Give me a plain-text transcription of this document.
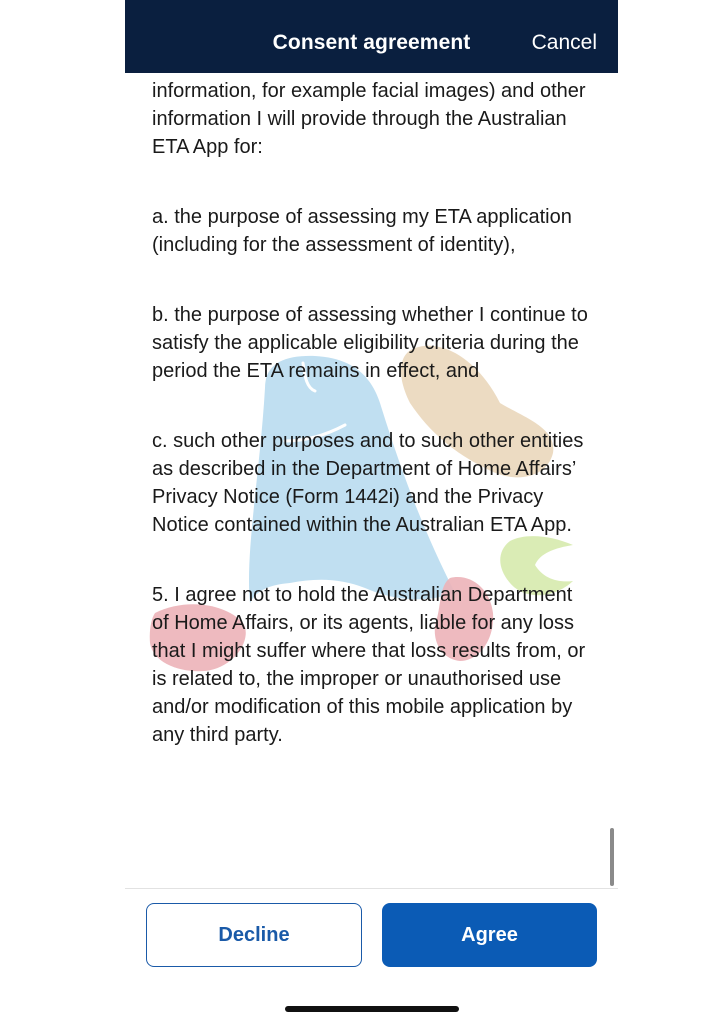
Consent agreement	Cancel

information, for example facial images) and other information I will provide through the Australian ETA App for:

a. the purpose of assessing my ETA application (including for the assessment of identity),

b. the purpose of assessing whether I continue to satisfy the applicable eligibility criteria during the period the ETA remains in effect, and

c. such other purposes and to such other entities as described in the Department of Home Affairs’ Privacy Notice (Form 1442i) and the Privacy Notice contained within the Australian ETA App.

5. I agree not to hold the Australian Department of Home Affairs, or its agents, liable for any loss that I might suffer where that loss results from, or is related to, the improper or unauthorised use and/or modification of this mobile application by any third party.

Decline	Agree
